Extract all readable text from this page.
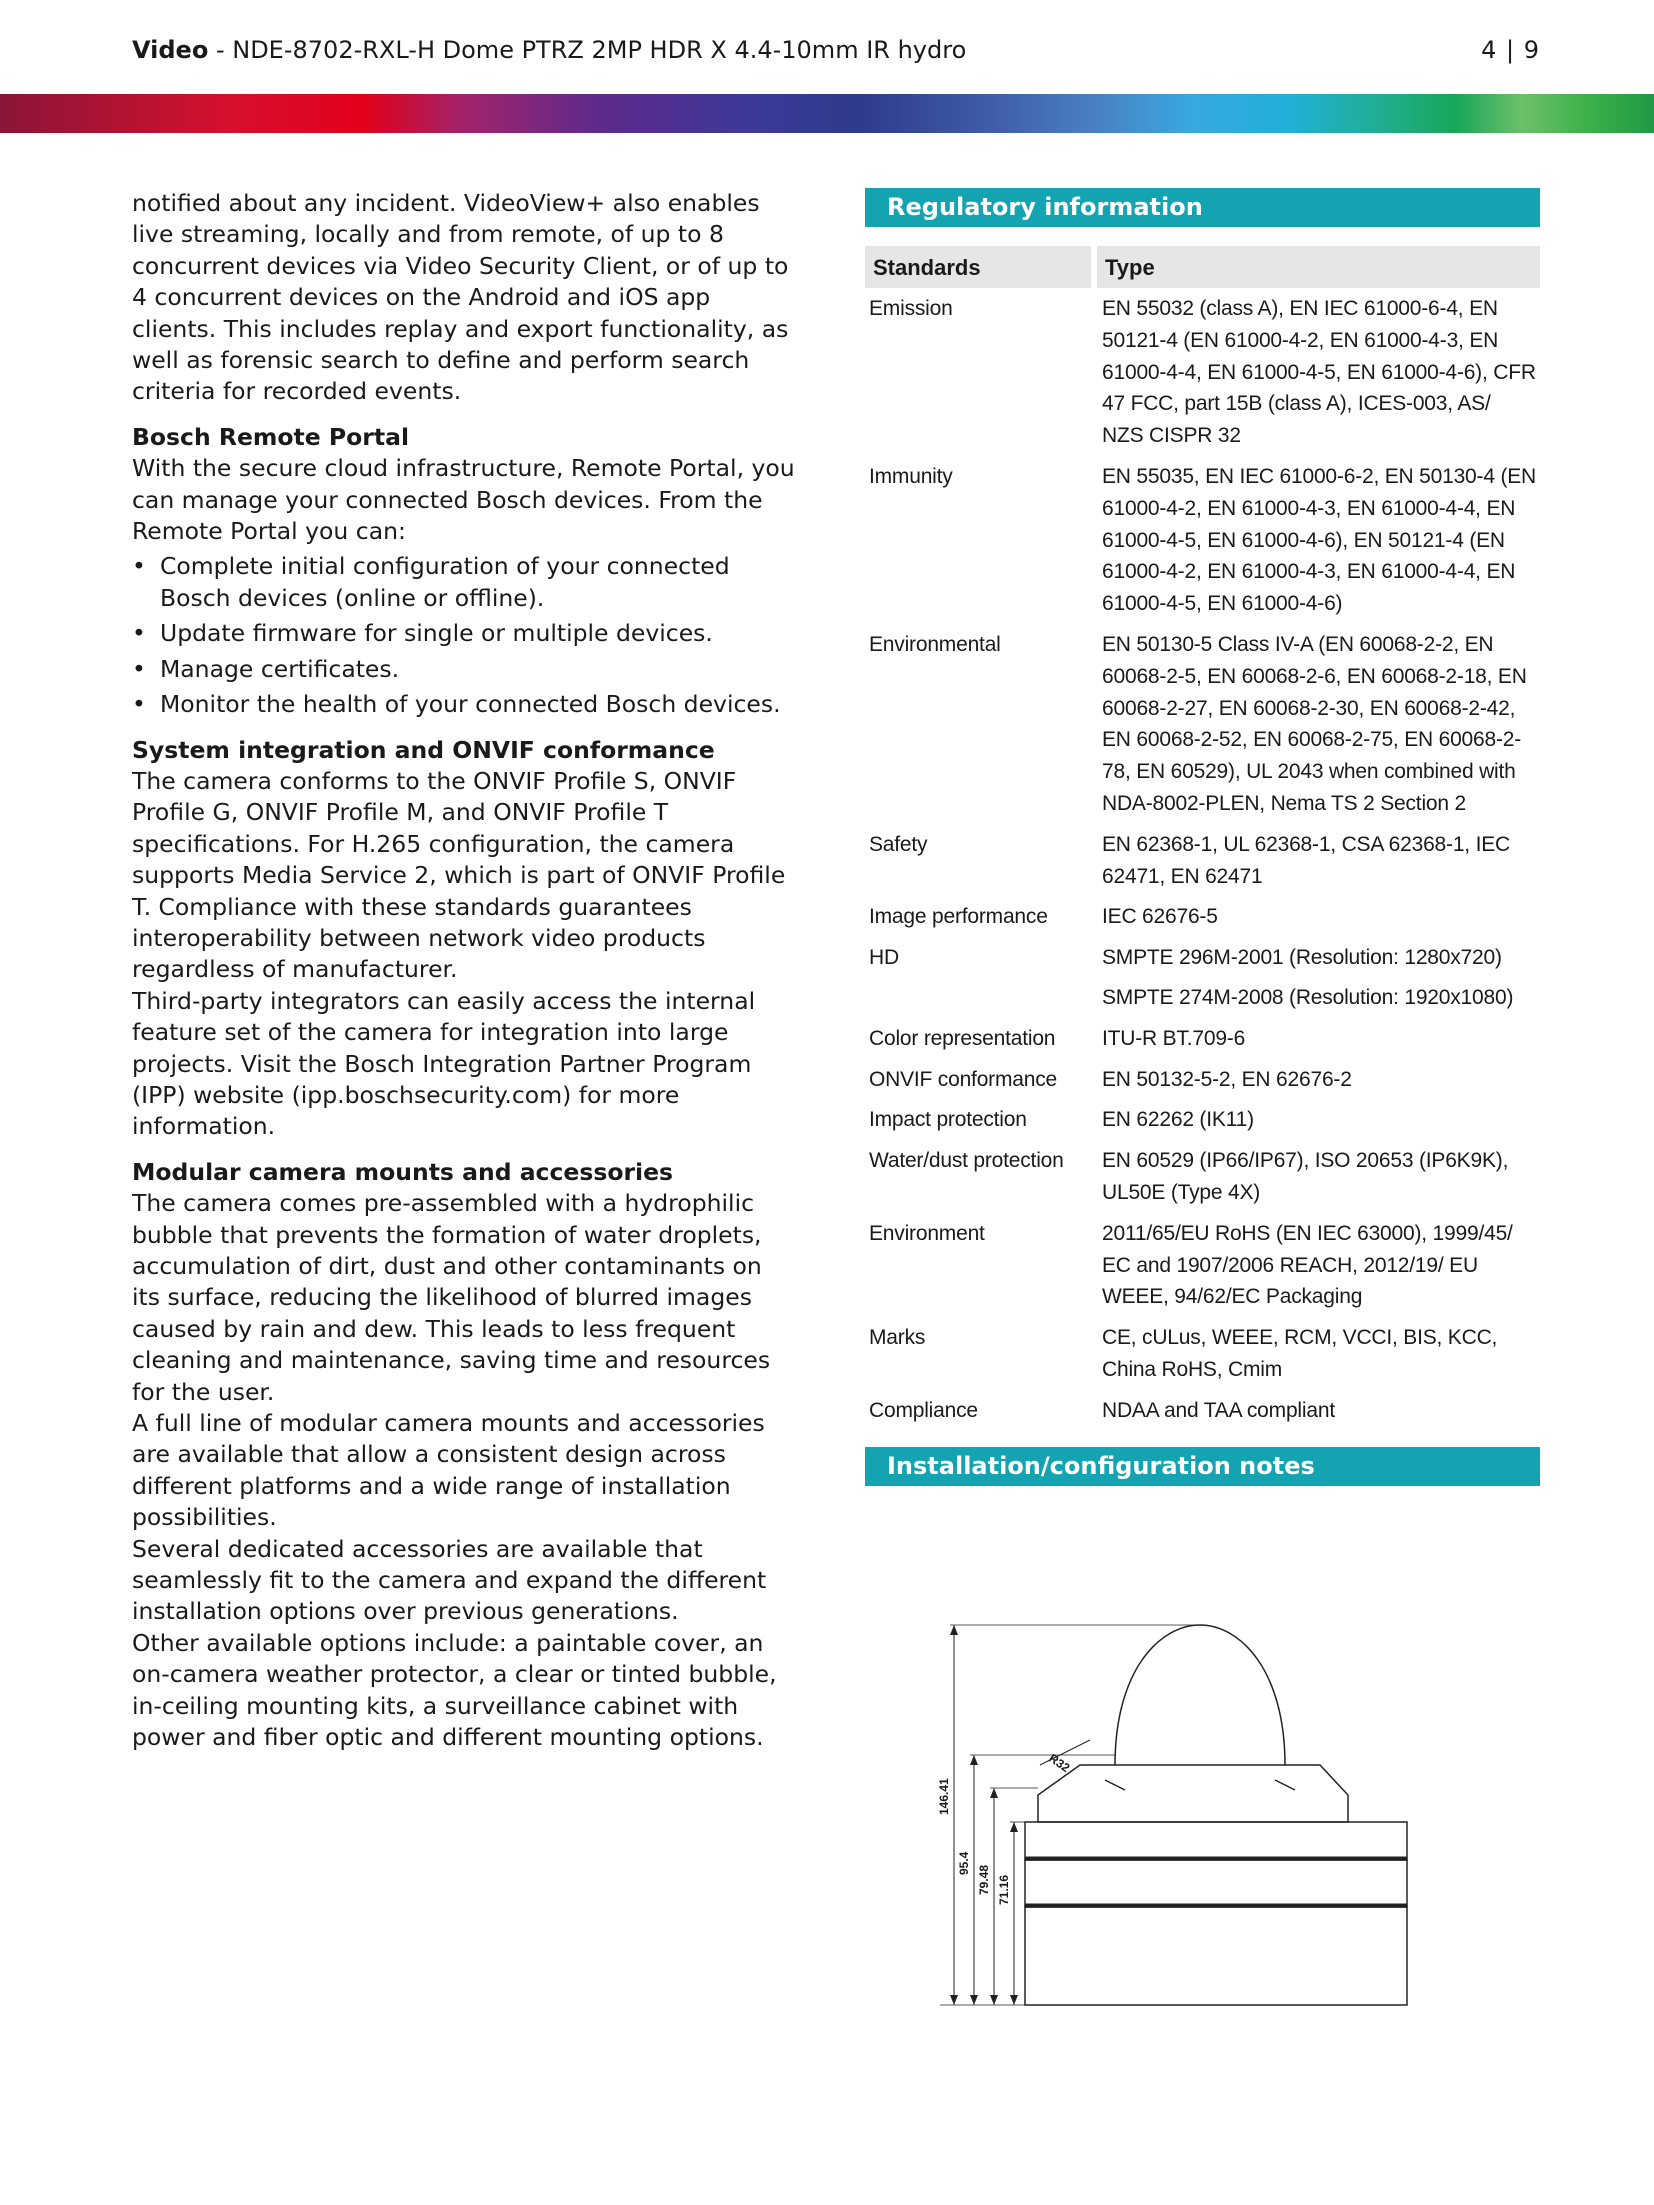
Video - NDE-8702-RXL-H Dome PTRZ 2MP HDR X 4.4-10mm IR hydro	4 | 9

notified about any incident. VideoView+ also enables live streaming, locally and from remote, of up to 8 concurrent devices via Video Security Client, or of up to 4 concurrent devices on the Android and iOS app clients. This includes replay and export functionality, as well as forensic search to define and perform search criteria for recorded events.

Bosch Remote Portal

With the secure cloud infrastructure, Remote Portal, you can manage your connected Bosch devices. From the Remote Portal you can:

• Complete initial configuration of your connected Bosch devices (online or offline).
• Update firmware for single or multiple devices.
• Manage certificates.
• Monitor the health of your connected Bosch devices.
System integration and ONVIF conformance

The camera conforms to the ONVIF Profile S, ONVIF Profile G, ONVIF Profile M, and ONVIF Profile T specifications. For H.265 configuration, the camera supports Media Service 2, which is part of ONVIF Profile T. Compliance with these standards guarantees interoperability between network video products regardless of manufacturer.

Third-party integrators can easily access the internal feature set of the camera for integration into large projects. Visit the Bosch Integration Partner Program (IPP) website (ipp.boschsecurity.com) for more information.

Modular camera mounts and accessories

The camera comes pre-assembled with a hydrophilic bubble that prevents the formation of water droplets, accumulation of dirt, dust and other contaminants on its surface, reducing the likelihood of blurred images caused by rain and dew. This leads to less frequent cleaning and maintenance, saving time and resources for the user.

A full line of modular camera mounts and accessories are available that allow a consistent design across different platforms and a wide range of installation possibilities.

Several dedicated accessories are available that seamlessly fit to the camera and expand the different installation options over previous generations.

Other available options include: a paintable cover, an on-camera weather protector, a clear or tinted bubble, in-ceiling mounting kits, a surveillance cabinet with power and fiber optic and different mounting options.

Regulatory information
Standards	Type
Emission	EN 55032 (class A), EN IEC 61000-6-4, EN 50121-4 (EN 61000-4-2, EN 61000-4-3, EN 61000-4-4, EN 61000-4-5, EN 61000-4-6), CFR 47 FCC, part 15B (class A), ICES-003, AS/ NZS CISPR 32
Immunity	EN 55035, EN IEC 61000-6-2, EN 50130-4 (EN 61000-4-2, EN 61000-4-3, EN 61000-4-4, EN 61000-4-5, EN 61000-4-6), EN 50121-4 (EN 61000-4-2, EN 61000-4-3, EN 61000-4-4, EN 61000-4-5, EN 61000-4-6)
Environmental	EN 50130-5 Class IV-A (EN 60068-2-2, EN 60068-2-5, EN 60068-2-6, EN 60068-2-18, EN 60068-2-27, EN 60068-2-30, EN 60068-2-42, EN 60068-2-52, EN 60068-2-75, EN 60068-2-78, EN 60529), UL 2043 when combined with NDA-8002-PLEN, Nema TS 2 Section 2
Safety	EN 62368-1, UL 62368-1, CSA 62368-1, IEC 62471, EN 62471
Image performance	IEC 62676-5
HD	SMPTE 296M-2001 (Resolution: 1280x720)
SMPTE 274M-2008 (Resolution: 1920x1080)

Color representation	ITU-R BT.709-6
ONVIF conformance	EN 50132-5-2, EN 62676-2
Impact protection	EN 62262 (IK11)
Water/dust protection	EN 60529 (IP66/IP67), ISO 20653 (IP6K9K), UL50E (Type 4X)
Environment	2011/65/EU RoHS (EN IEC 63000), 1999/45/ EC and 1907/2006 REACH, 2012/19/ EU WEEE, 94/62/EC Packaging
Marks	CE, cULus, WEEE, RCM, VCCI, BIS, KCC, China RoHS, Cmim
Compliance	NDAA and TAA compliant
Installation/configuration notes
146.41
95.4
79.48 71.16
R32
